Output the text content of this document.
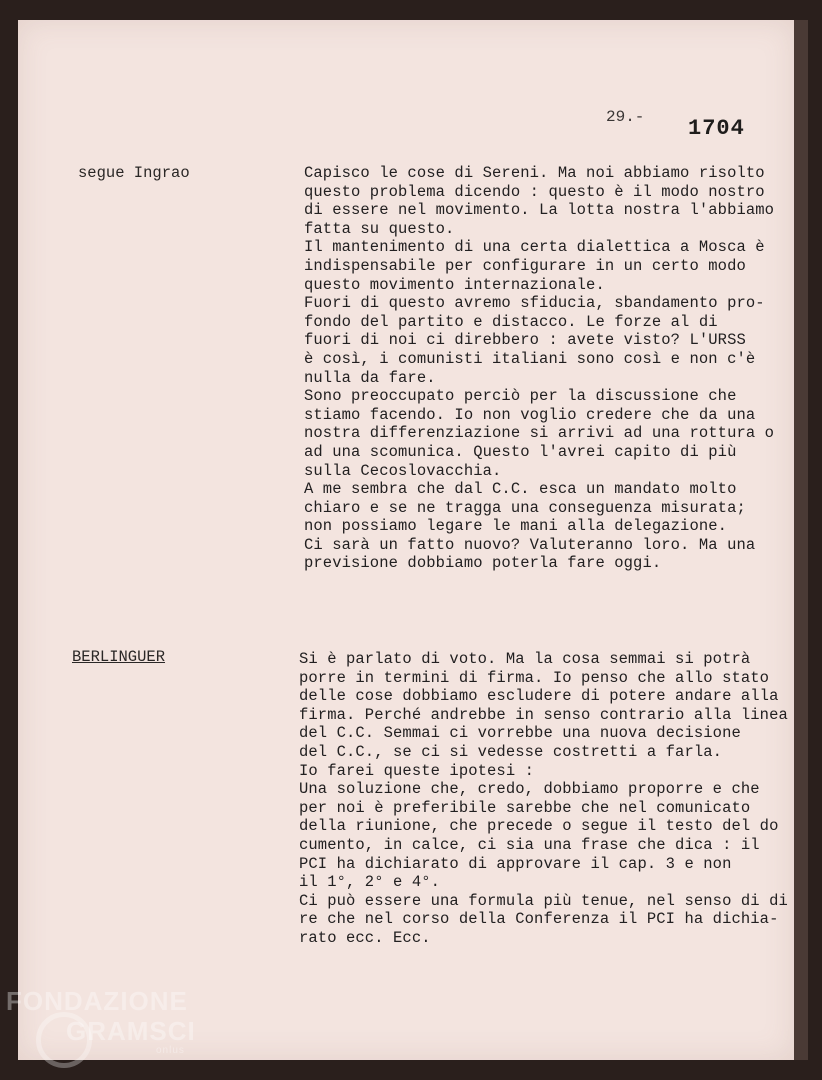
29.- 1704
segue Ingrao	Capisco le cose di Sereni. Ma noi abbiamo risolto
questo problema dicendo : questo è il modo nostro
di essere nel movimento. La lotta nostra l'abbiamo
fatta su questo.
Il mantenimento di una certa dialettica a Mosca è
indispensabile per configurare in un certo modo
questo movimento internazionale.
Fuori di questo avremo sfiducia, sbandamento pro-
fondo del partito e distacco. Le forze al di
fuori di noi ci direbbero : avete visto? L'URSS
è così, i comunisti italiani sono così e non c'è
nulla da fare.
Sono preoccupato perciò per la discussione che
stiamo facendo. Io non voglio credere che da una
nostra differenziazione si arrivi ad una rottura o
ad una scomunica. Questo l'avrei capito di più
sulla Cecoslovacchia.
A me sembra che dal C.C. esca un mandato molto
chiaro e se ne tragga una conseguenza misurata;
non possiamo legare le mani alla delegazione.
Ci sarà un fatto nuovo? Valuteranno loro. Ma una
previsione dobbiamo poterla fare oggi.
BERLINGUER	Si è parlato di voto. Ma la cosa semmai si potrà
porre in termini di firma. Io penso che allo stato
delle cose dobbiamo escludere di potere andare alla
firma. Perché andrebbe in senso contrario alla linea
del C.C. Semmai ci vorrebbe una nuova decisione
del C.C., se ci si vedesse costretti a farla.
Io farei queste ipotesi :
Una soluzione che, credo, dobbiamo proporre e che
per noi è preferibile sarebbe che nel comunicato
della riunione, che precede o segue il testo del do
cumento, in calce, ci sia una frase che dica : il
PCI ha dichiarato di approvare il cap. 3 e non
il 1°, 2° e 4°.
Ci può essere una formula più tenue, nel senso di di
re che nel corso della Conferenza il PCI ha dichia-
rato ecc. Ecc.
FONDAZIONE
GRAMSCI
onlus
